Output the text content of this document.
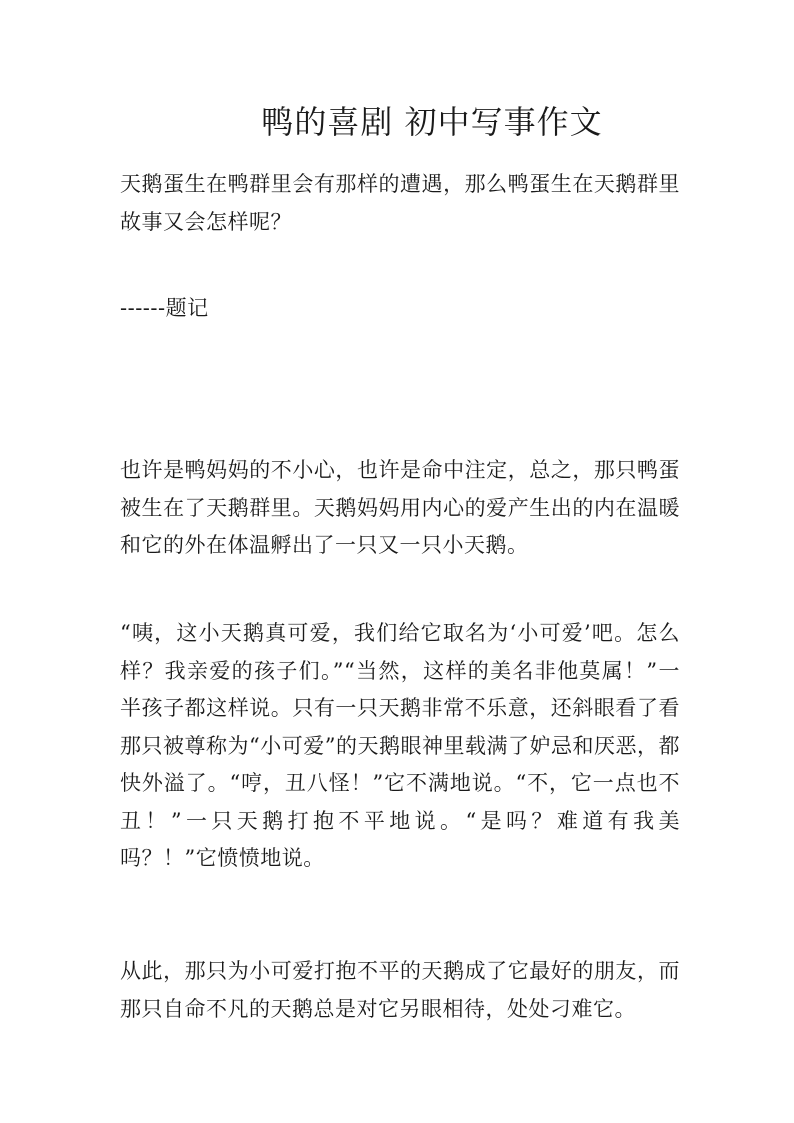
鸭的喜剧 初中写事作文

天鹅蛋生在鸭群里会有那样的遭遇，那么鸭蛋生在天鹅群里故事又会怎样呢？

------题记

也许是鸭妈妈的不小心，也许是命中注定，总之，那只鸭蛋被生在了天鹅群里。天鹅妈妈用内心的爱产生出的内在温暖和它的外在体温孵出了一只又一只小天鹅。

“咦，这小天鹅真可爱，我们给它取名为‘小可爱’吧。怎么样？我亲爱的孩子们。”“当然，这样的美名非他莫属！”一半孩子都这样说。只有一只天鹅非常不乐意，还斜眼看了看那只被尊称为“小可爱”的天鹅眼神里载满了妒忌和厌恶，都快外溢了。“哼，丑八怪！”它不满地说。“不，它一点也不丑！”一只天鹅打抱不平地说。“是吗？难道有我美吗？！”它愤愤地说。

从此，那只为小可爱打抱不平的天鹅成了它最好的朋友，而那只自命不凡的天鹅总是对它另眼相待，处处刁难它。
